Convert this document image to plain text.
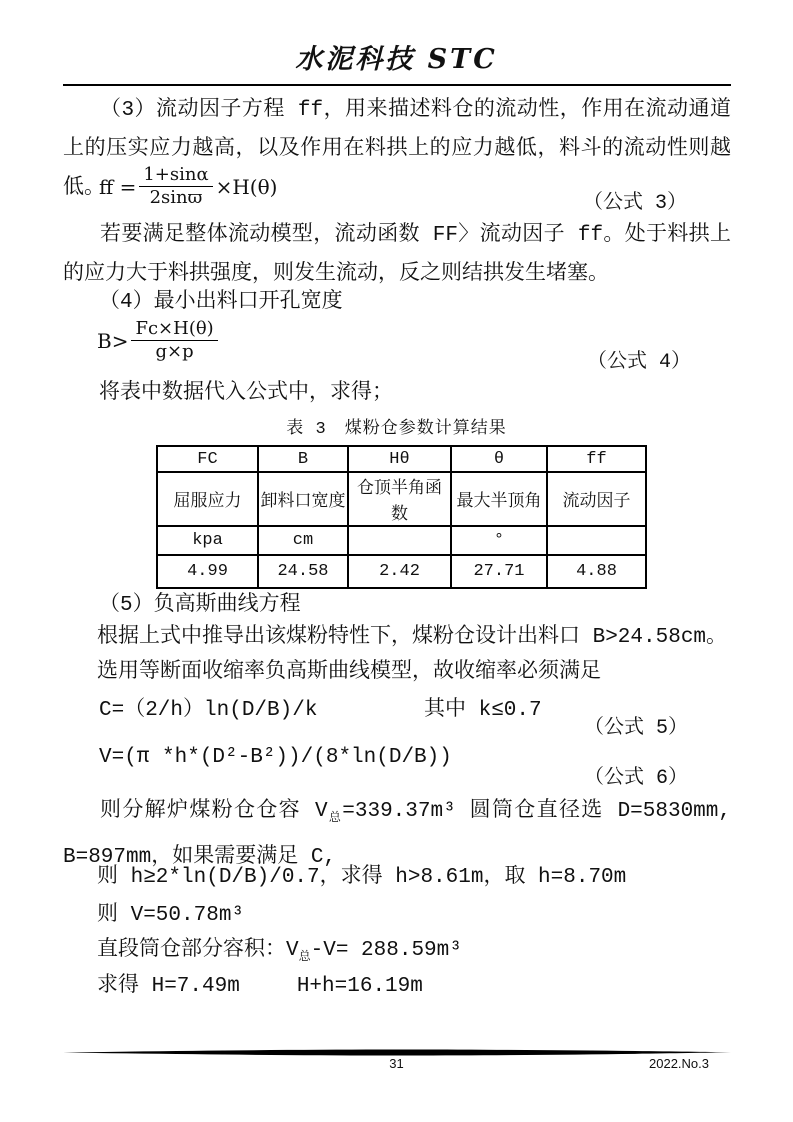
水泥科技 STC

（3）流动因子方程 ff，用来描述料仓的流动性，作用在流动通道上的压实应力越高，以及作用在料拱上的应力越低，料斗的流动性则越低。

ff = $\frac{1+\sin\alpha}{2\sin ϖ} \times H(\theta)$
（公式 3）

若要满足整体流动模型，流动函数 FF〉流动因子 ff。处于料拱上的应力大于料拱强度，则发生流动，反之则结拱发生堵塞。

（4）最小出料口开孔宽度
$B> \frac{Fc\times H(\theta)}{g\times p}$	（公式 4）
将表中数据代入公式中，求得；
表 3　煤粉仓参数计算结果
FC	B	Hθ	θ	ff
屈服应力	卸料口宽度	仓顶半角函数	最大半顶角	流动因子
kpa	cm		°	
4.99	24.58	2.42	27.71	4.88
（5）负高斯曲线方程
根据上式中推导出该煤粉特性下，煤粉仓设计出料口 B>24.58cm。
选用等断面收缩率负高斯曲线模型，故收缩率必须满足
C=（2/h）ln(D/B)/k	其中 k≤0.7
（公式 5）
V=(π *h*(D²-B²))/(8*ln(D/B))
（公式 6）

则分解炉煤粉仓仓容 $V_总=339.37m^3$ 圆筒仓直径选 D=5830mm, B=897mm，如果需要满足 C,

则 h≥2*ln(D/B)/0.7，求得 h>8.61m，取 h=8.70m
则 V=50.78m³
直段筒仓部分容积：$V_总-V= 288.59m^3$
求得 H=7.49m	H+h=16.19m
31	2022.No.3
